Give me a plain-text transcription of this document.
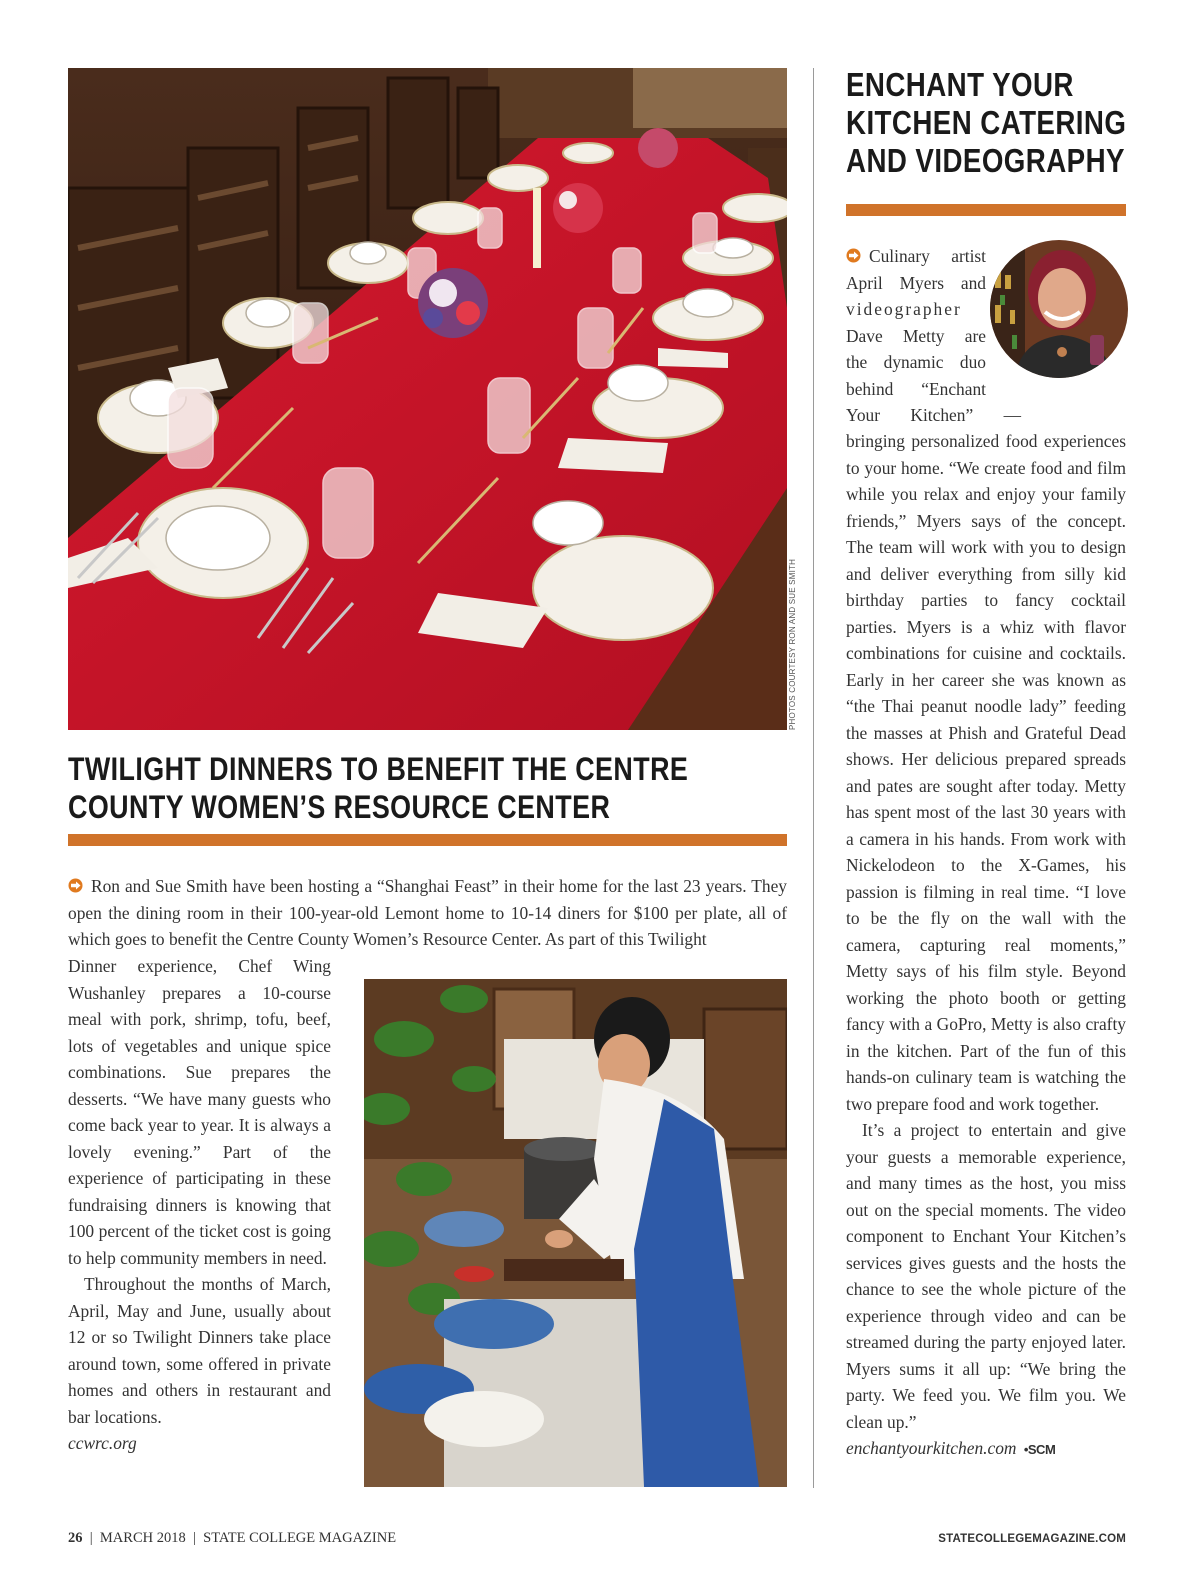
PHOTOS COURTESY RON AND SUE SMITH
TWILIGHT DINNERS TO BENEFIT THE CENTRE COUNTY WOMEN’S RESOURCE CENTER

Ron and Sue Smith have been hosting a “Shanghai Feast” in their home for the last 23 years. They open the dining room in their 100-year-old Lemont home to 10-14 diners for $100 per plate, all of which goes to benefit the Centre County Women’s Resource Center. As part of this Twilight

Dinner experience, Chef Wing Wushanley prepares a 10-course meal with pork, shrimp, tofu, beef, lots of vegetables and unique spice combinations. Sue prepares the desserts. “We have many guests who come back year to year. It is always a lovely evening.” Part of the experience of participating in these fundraising dinners is knowing that 100 percent of the ticket cost is going to help community members in need.

Throughout the months of March, April, May and June, usually about 12 or so Twilight Dinners take place around town, some offered in private homes and others in restaurant and bar locations.

ccwrc.org

ENCHANT YOUR KITCHEN CATERING AND VIDEOGRAPHY

Culinary artist

April Myers and

videographer

Dave Metty are

the dynamic duo

behind “Enchant

Your Kitchen” —

bringing personalized food experiences to your home. “We create food and film while you relax and enjoy your family friends,” Myers says of the concept. The team will work with you to design and deliver everything from silly kid birthday parties to fancy cocktail parties. Myers is a whiz with flavor combinations for cuisine and cocktails. Early in her career she was known as “the Thai peanut noodle lady” feeding the masses at Phish and Grateful Dead shows. Her delicious prepared spreads and pates are sought after today. Metty has spent most of the last 30 years with a camera in his hands. From work with Nickelodeon to the X-Games, his passion is filming in real time. “I love to be the fly on the wall with the camera, capturing real moments,” Metty says of his film style. Beyond working the photo booth or getting fancy with a GoPro, Metty is also crafty in the kitchen. Part of the fun of this hands-on culinary team is watching the two prepare food and work together.

It’s a project to entertain and give your guests a memorable experience, and many times as the host, you miss out on the special moments. The video component to Enchant Your Kitchen’s services gives guests and the hosts the chance to see the whole picture of the experience through video and can be streamed during the party enjoyed later. Myers sums it all up: “We bring the party. We feed you. We film you. We clean up.”

enchantyourkitchen.com •SCM

26 | MARCH 2018 | STATE COLLEGE MAGAZINE	STATECOLLEGEMAGAZINE.COM
